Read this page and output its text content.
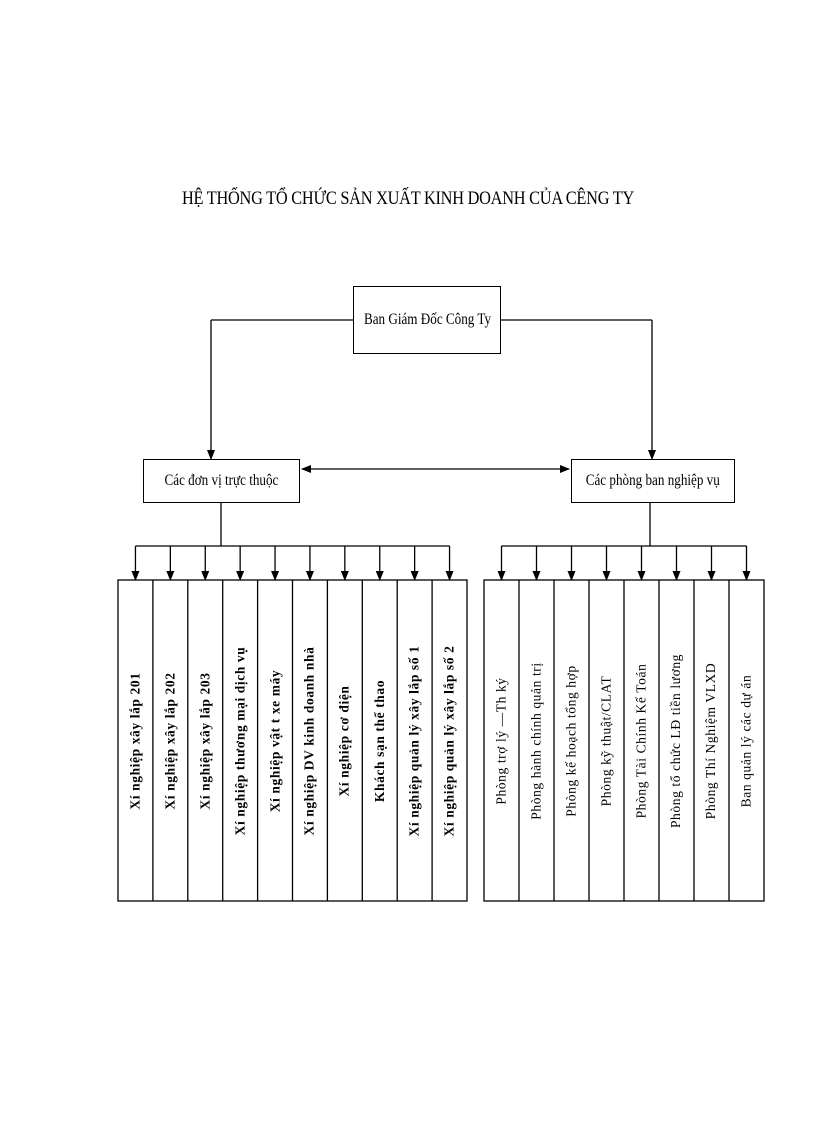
HỆ THỐNG TỔ CHỨC SẢN XUẤT KINH DOANH CỦA CÊNG TY
Ban Giám Đốc Công Ty
Các đơn vị trực thuộc	Các phòng ban nghiệp vụ
Xí nghiệp xây lắp 201 Xí nghiệp xây lắp 202 Xí nghiệp xây lắp 203 Xí nghiệp thương mại dịch vụ Xí nghiệp vật t xe máy Xí nghiệp DV kinh doanh nhà Xí nghiệp cơ điện Khách sạn thể thao Xí nghiệp quản lý xây lắp số 1 Xí nghiệp quản lý xây lắp số 2	Phòng trợ lý —Th ký Phòng hành chính quản trị Phòng kế hoạch tổng hợp Phòng kỹ thuật/CLAT Phòng Tài Chính Kế Toán Phòng tổ chức LĐ tiền lương Phòng Thí Nghiệm VLXD Ban quản lý các dự án
